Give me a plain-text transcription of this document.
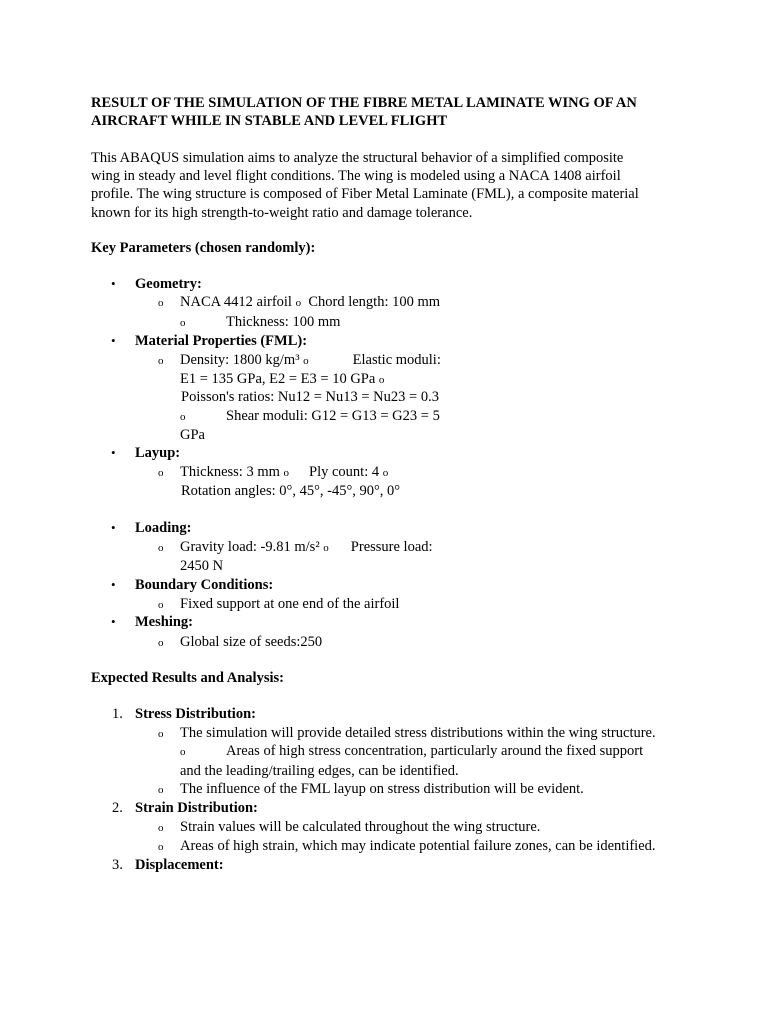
RESULT OF THE SIMULATION OF THE FIBRE METAL LAMINATE WING OF AN
AIRCRAFT WHILE IN STABLE AND LEVEL FLIGHT
This ABAQUS simulation aims to analyze the structural behavior of a simplified composite
wing in steady and level flight conditions. The wing is modeled using a NACA 1408 airfoil
profile. The wing structure is composed of Fiber Metal Laminate (FML), a composite material
known for its high strength-to-weight ratio and damage tolerance.
Key Parameters (chosen randomly):
• Geometry:
o NACA 4412 airfoil o Chord length: 100 mm
o	Thickness: 100 mm
• Material Properties (FML):
o Density: 1800 kg/m³ o	Elastic moduli:
E1 = 135 GPa, E2 = E3 = 10 GPa o
Poisson's ratios: Nu12 = Nu13 = Nu23 = 0.3
o	Shear moduli: G12 = G13 = G23 = 5
GPa
• Layup:
o Thickness: 3 mm o Ply count: 4 o
Rotation angles: 0°, 45°, -45°, 90°, 0°
• Loading:
o Gravity load: -9.81 m/s² o Pressure load:
2450 N
• Boundary Conditions:
o Fixed support at one end of the airfoil
• Meshing:
o Global size of seeds:250
Expected Results and Analysis:
1. Stress Distribution:
o The simulation will provide detailed stress distributions within the wing structure.
o	Areas of high stress concentration, particularly around the fixed support
and the leading/trailing edges, can be identified.
o The influence of the FML layup on stress distribution will be evident.
2. Strain Distribution:
o Strain values will be calculated throughout the wing structure.
o Areas of high strain, which may indicate potential failure zones, can be identified.
3. Displacement:
